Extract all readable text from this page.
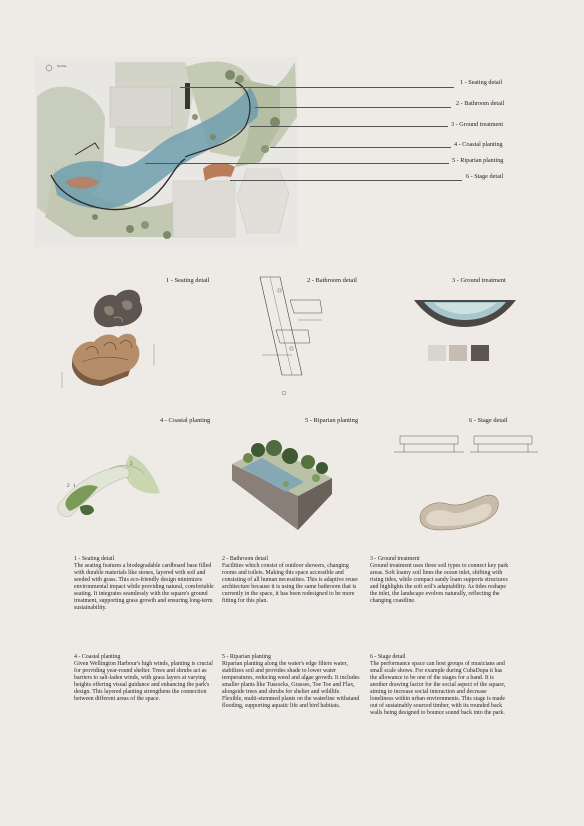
Site Plan
1 - Seating detail
2 - Bathroom detail
3 - Ground treatment
4 - Coastal planting
5 - Riparian planting
6 - Stage detail
1 - Seating detail	2 - Bathroom detail	3 - Ground treatment
4 - Coastal planting
1
2
3
5 - Riparian planting	6 - Stage detail
1 - Seating detail
The seating features a biodegradable cardboard base filled with durable materials like stones, layered with soil and seeded with grass. This eco-friendly design minimizes environmental impact while providing natural, comfortable seating. It integrates seamlessly with the square's ground treatment, supporting grass growth and ensuring long-term sustainability.
2 - Bathroom detail
Facilities which consist of outdoor showers, changing rooms and toilets. Making this space accessible and consisting of all human necessities. This is adaptive reuse architecture because it is using the same bathroom that is currently in the space, it has been redesigned to be more fitting for this plan.
3 - Ground treatment
Ground treatment uses three soil types to connect key park areas. Soft loamy soil lines the ocean inlet, shifting with rising tides, while compact sandy loam supports structures and highlights the soft soil's adaptability. As tides reshape the inlet, the landscape evolves naturally, reflecting the changing coastline.
4 - Coastal planting
Given Wellington Harbour's high winds, planting is crucial for providing year-round shelter. Trees and shrubs act as barriers to salt-laden winds, with grass layers at varying heights offering visual guidance and enhancing the park's design. This layered planting strengthens the connection between different areas of the space.
5 - Riparian planting
Riparian planting along the water's edge filters water, stabilizes soil and provides shade to lower water temperatures, reducing weed and algae growth. It includes smaller plants like Tussocks, Grasses, Toe Toe and Flax, alongside trees and shrubs for shelter and wildlife. Flexible, multi-stemmed plants on the waterline withstand flooding, supporting aquatic life and bird habitats.
6 - Stage detail
The performance space can host groups of musicians and small scale shows. For example during CubaDupa it has the allowance to be one of the stages for a band. It is another drawing factor for the social aspect of the square, aiming to increase social interaction and decrease loneliness within urban environments. This stage is made out of sustainably sourced timber, with its rounded back walls being designed to bounce sound back into the park.
